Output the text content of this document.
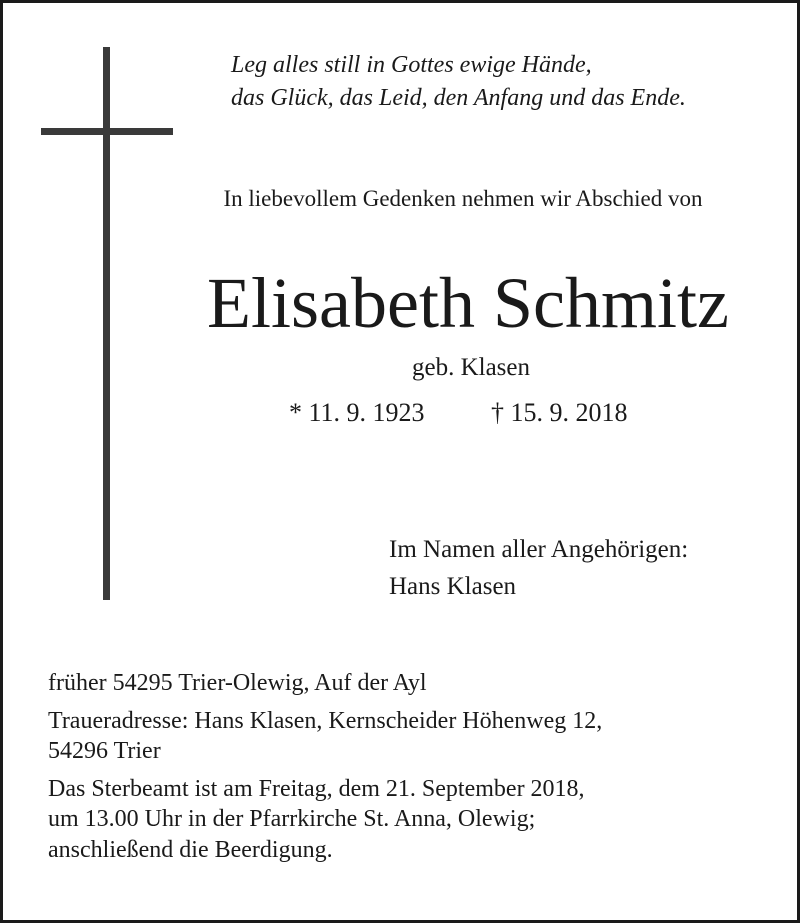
Leg alles still in Gottes ewige Hände,
das Glück, das Leid, den Anfang und das Ende.
In liebevollem Gedenken nehmen wir Abschied von
Elisabeth Schmitz
geb. Klasen
* 11. 9. 1923	† 15. 9. 2018
Im Namen aller Angehörigen:
Hans Klasen

früher 54295 Trier-Olewig, Auf der Ayl

Traueradresse: Hans Klasen, Kernscheider Höhenweg 12,

54296 Trier

Das Sterbeamt ist am Freitag, dem 21. September 2018,

um 13.00 Uhr in der Pfarrkirche St. Anna, Olewig;

anschließend die Beerdigung.
